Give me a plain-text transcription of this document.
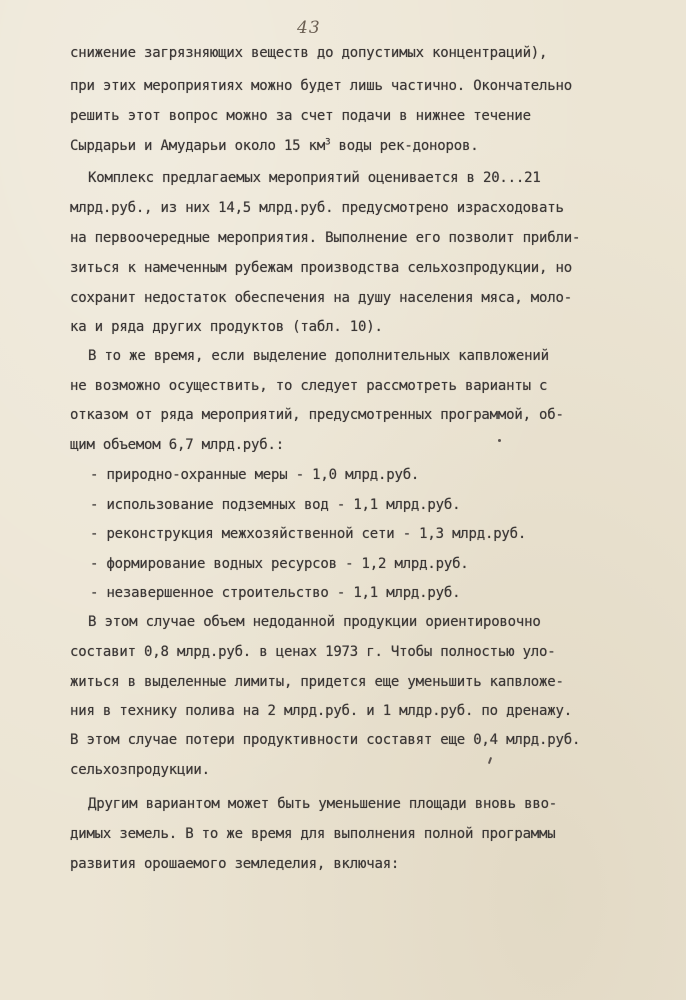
43
снижение загрязняющих веществ до допустимых концентраций),
при этих мероприятиях можно будет лишь частично. Окончательно
решить этот вопрос можно за счет подачи в нижнее течение
Сырдарьи и Амударьи около 15 $км^3$ воды рек-доноров.
Комплекс предлагаемых мероприятий оценивается в 20...21
млрд.руб., из них 14,5 млрд.руб. предусмотрено израсходовать
на первоочередные мероприятия. Выполнение его позволит прибли-
зиться к намеченным рубежам производства сельхозпродукции, но
сохранит недостаток обеспечения на душу населения мяса, моло-
ка и ряда других продуктов (табл. 10).
В то же время, если выделение дополнительных капвложений
не возможно осуществить, то следует рассмотреть варианты с
отказом от ряда мероприятий, предусмотренных программой, об-
щим объемом 6,7 млрд.руб.:
- природно-охранные меры - 1,0 млрд.руб.
- использование подземных вод - 1,1 млрд.руб.
- реконструкция межхозяйственной сети - 1,3 млрд.руб.
- формирование водных ресурсов - 1,2 млрд.руб.
- незавершенное строительство - 1,1 млрд.руб.
В этом случае объем недоданной продукции ориентировочно
составит 0,8 млрд.руб. в ценах 1973 г. Чтобы полностью уло-
житься в выделенные лимиты, придется еще уменьшить капвложе-
ния в технику полива на 2 млрд.руб. и 1 млдр.руб. по дренажу.
В этом случае потери продуктивности составят еще 0,4 млрд.руб.
сельхозпродукции.
Другим вариантом может быть уменьшение площади вновь вво-
димых земель. В то же время для выполнения полной программы
развития орошаемого земледелия, включая:
